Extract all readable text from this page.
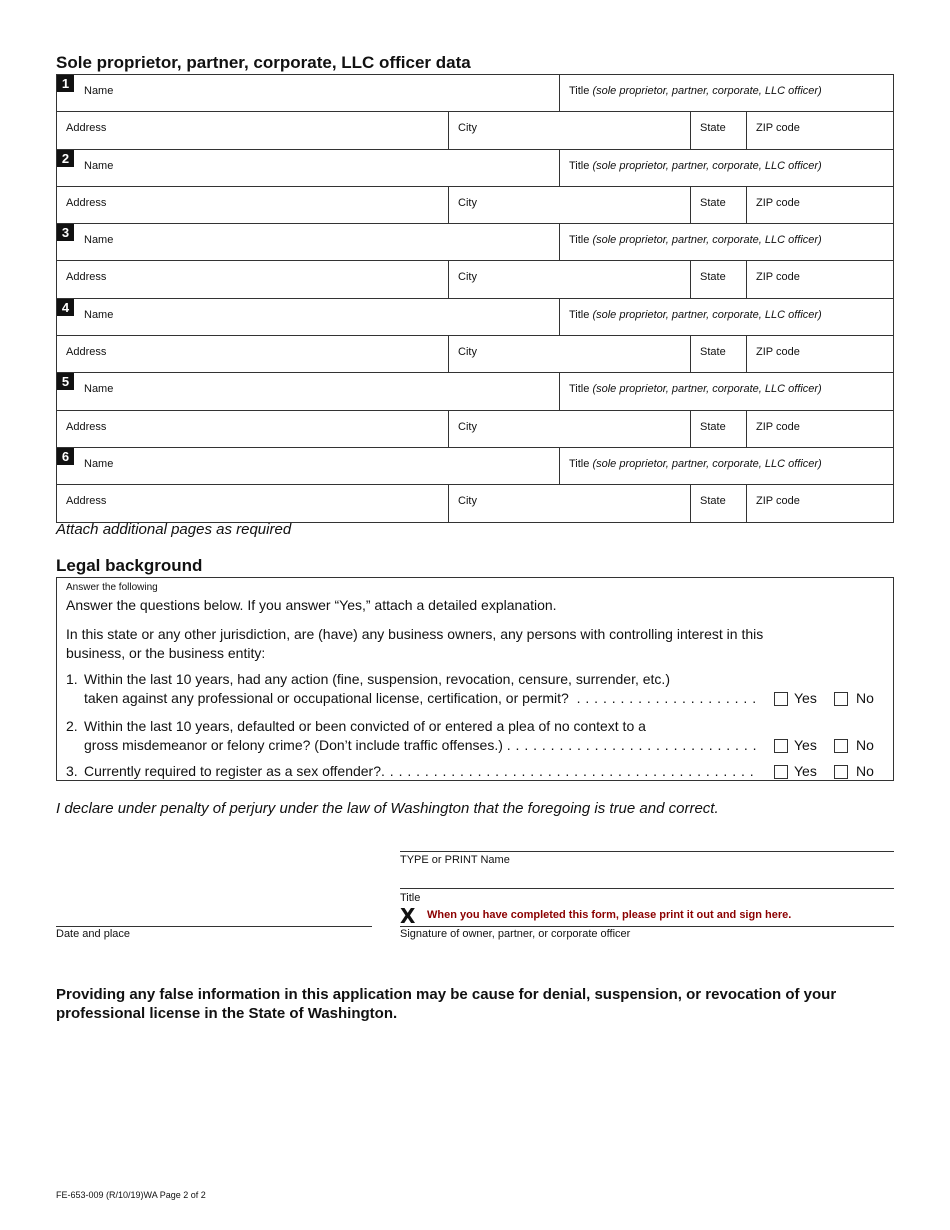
Sole proprietor, partner, corporate, LLC officer data
1	Name	Title (sole proprietor, partner, corporate, LLC officer)
Address	City	State	ZIP code
2	Name	Title (sole proprietor, partner, corporate, LLC officer)
Address	City	State	ZIP code
3	Name	Title (sole proprietor, partner, corporate, LLC officer)
Address	City	State	ZIP code
4	Name	Title (sole proprietor, partner, corporate, LLC officer)
Address	City	State	ZIP code
5	Name	Title (sole proprietor, partner, corporate, LLC officer)
Address	City	State	ZIP code
6	Name	Title (sole proprietor, partner, corporate, LLC officer)
Address	City	State	ZIP code
Attach additional pages as required
Legal background
Answer the following
Answer the questions below. If you answer “Yes,” attach a detailed explanation.
In this state or any other jurisdiction, are (have) any business owners, any persons with controlling interest in this business, or the business entity:
1. Within the last 10 years, had any action (fine, suspension, revocation, censure, surrender, etc.)
taken against any professional or occupational license, certification, or permit? . . . . . . . . . . . . . . . . . . . . .	Yes	No
2. Within the last 10 years, defaulted or been convicted of or entered a plea of no context to a
gross misdemeanor or felony crime? (Don’t include traffic offenses.) . . . . . . . . . . . . . . . . . . . . . . . . . . . . .	Yes	No
3. Currently required to register as a sex offender?. . . . . . . . . . . . . . . . . . . . . . . . . . . . . . . . . . . . . . . . . . .	Yes	No
I declare under penalty of perjury under the law of Washington that the foregoing is true and correct.
TYPE or PRINT Name
Title
X When you have completed this form, please print it out and sign here.
Date and place	Signature of owner, partner, or corporate officer
Providing any false information in this application may be cause for denial, suspension, or revocation of your professional license in the State of Washington.
FE-653-009 (R/10/19)WA Page 2 of 2
